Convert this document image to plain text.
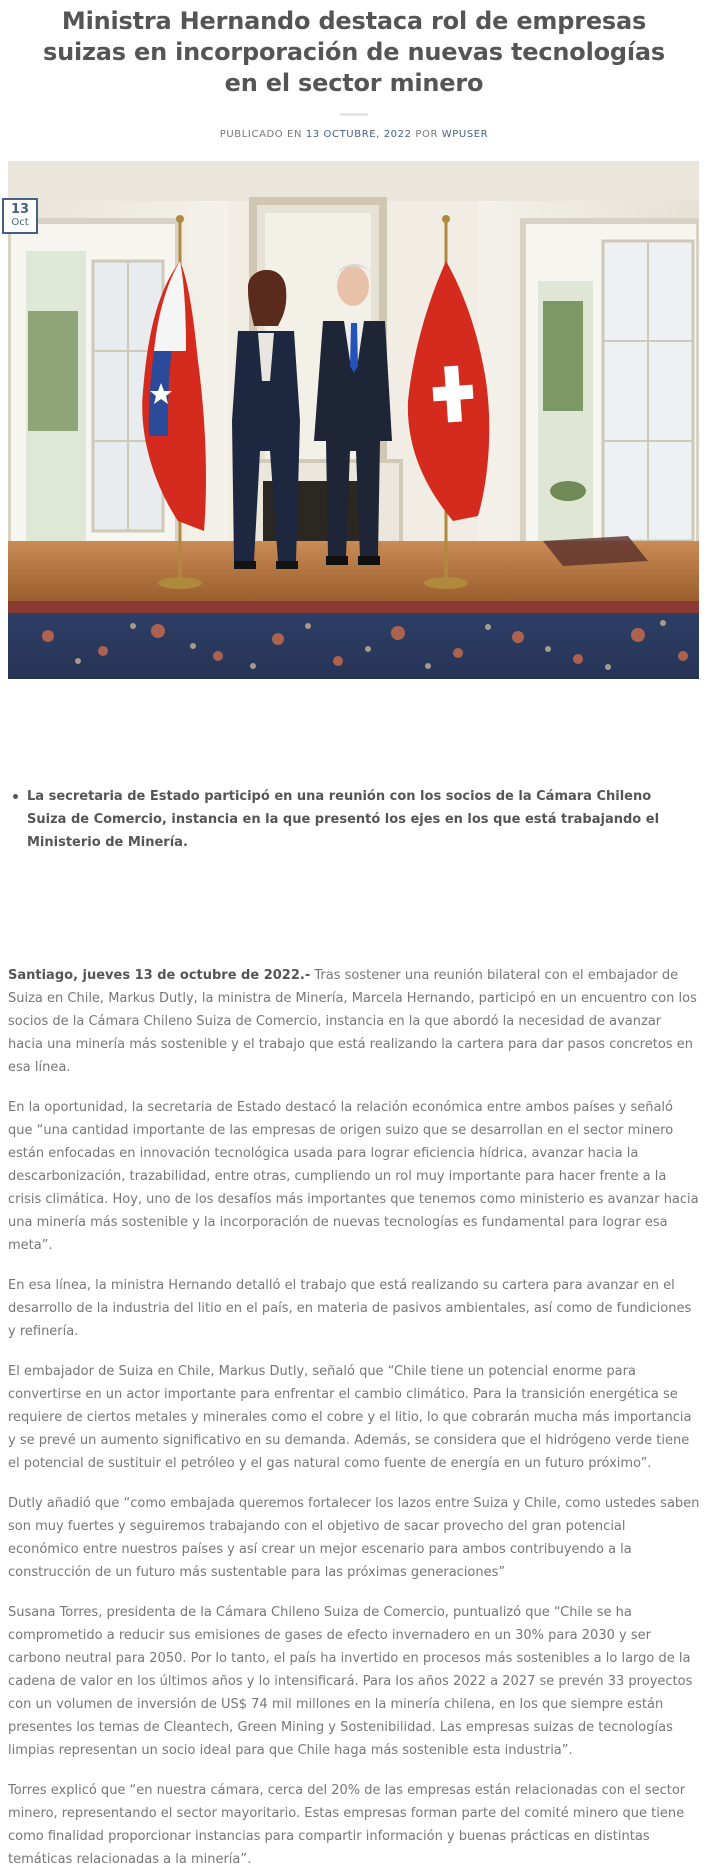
Ministra Hernando destaca rol de empresas suizas en incorporación de nuevas tecnologías en el sector minero
PUBLICADO EN 13 OCTUBRE, 2022 POR WPUSER
13
Oct
La secretaria de Estado participó en una reunión con los socios de la Cámara Chileno Suiza de Comercio, instancia en la que presentó los ejes en los que está trabajando el Ministerio de Minería.

Santiago, jueves 13 de octubre de 2022.- Tras sostener una reunión bilateral con el embajador de Suiza en Chile, Markus Dutly, la ministra de Minería, Marcela Hernando, participó en un encuentro con los socios de la Cámara Chileno Suiza de Comercio, instancia en la que abordó la necesidad de avanzar hacia una minería más sostenible y el trabajo que está realizando la cartera para dar pasos concretos en esa línea.

En la oportunidad, la secretaria de Estado destacó la relación económica entre ambos países y señaló que “una cantidad importante de las empresas de origen suizo que se desarrollan en el sector minero están enfocadas en innovación tecnológica usada para lograr eficiencia hídrica, avanzar hacia la descarbonización, trazabilidad, entre otras, cumpliendo un rol muy importante para hacer frente a la crisis climática. Hoy, uno de los desafíos más importantes que tenemos como ministerio es avanzar hacia una minería más sostenible y la incorporación de nuevas tecnologías es fundamental para lograr esa meta”.

En esa línea, la ministra Hernando detalló el trabajo que está realizando su cartera para avanzar en el desarrollo de la industria del litio en el país, en materia de pasivos ambientales, así como de fundiciones y refinería.

El embajador de Suiza en Chile, Markus Dutly, señaló que “Chile tiene un potencial enorme para convertirse en un actor importante para enfrentar el cambio climático. Para la transición energética se requiere de ciertos metales y minerales como el cobre y el litio, lo que cobrarán mucha más importancia y se prevé un aumento significativo en su demanda. Además, se considera que el hidrógeno verde tiene el potencial de sustituir el petróleo y el gas natural como fuente de energía en un futuro próximo”.

Dutly añadió que “como embajada queremos fortalecer los lazos entre Suiza y Chile, como ustedes saben son muy fuertes y seguiremos trabajando con el objetivo de sacar provecho del gran potencial económico entre nuestros países y así crear un mejor escenario para ambos contribuyendo a la construcción de un futuro más sustentable para las próximas generaciones”

Susana Torres, presidenta de la Cámara Chileno Suiza de Comercio, puntualizó que “Chile se ha comprometido a reducir sus emisiones de gases de efecto invernadero en un 30% para 2030 y ser carbono neutral para 2050. Por lo tanto, el país ha invertido en procesos más sostenibles a lo largo de la cadena de valor en los últimos años y lo intensificará. Para los años 2022 a 2027 se prevén 33 proyectos con un volumen de inversión de US$ 74 mil millones en la minería chilena, en los que siempre están presentes los temas de Cleantech, Green Mining y Sostenibilidad. Las empresas suizas de tecnologías limpias representan un socio ideal para que Chile haga más sostenible esta industria”.

Torres explicó que “en nuestra cámara, cerca del 20% de las empresas están relacionadas con el sector minero, representando el sector mayoritario. Estas empresas forman parte del comité minero que tiene como finalidad proporcionar instancias para compartir información y buenas prácticas en distintas temáticas relacionadas a la minería”.
